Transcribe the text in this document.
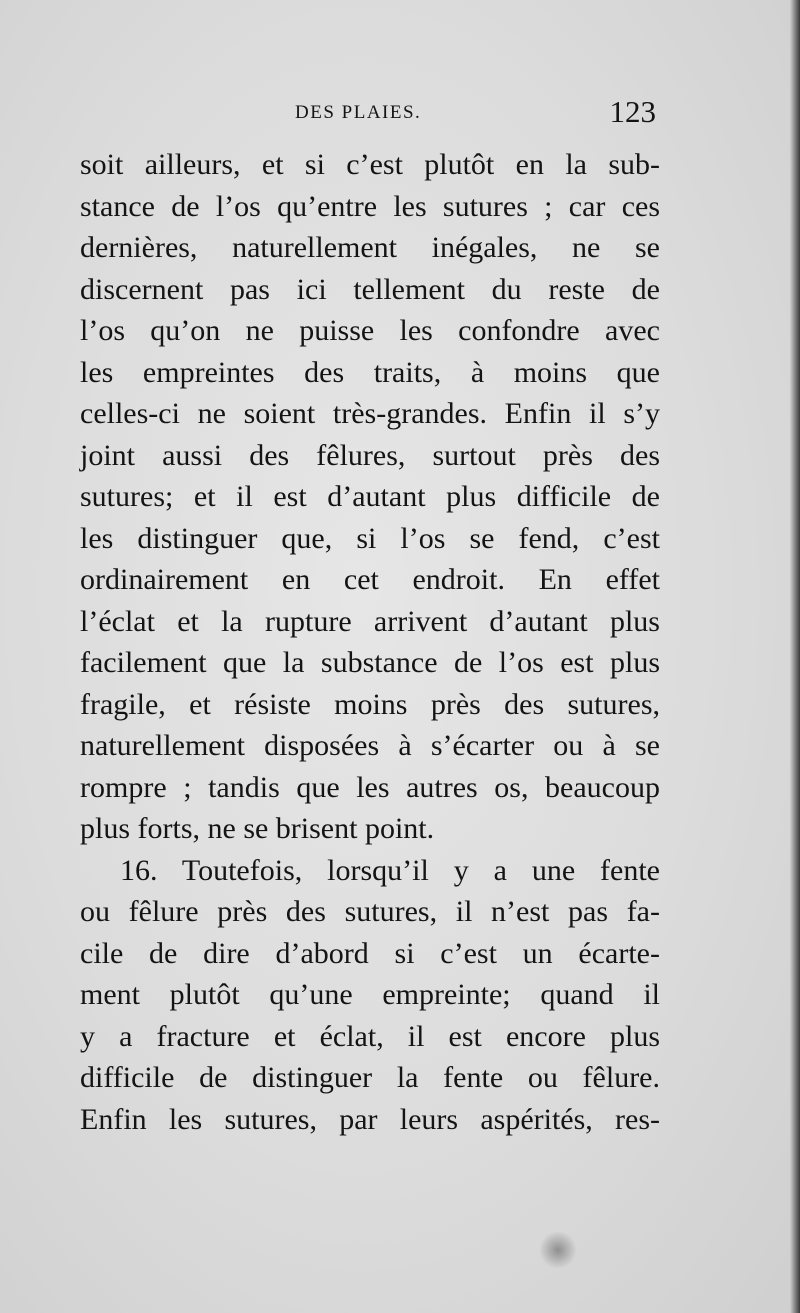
DES PLAIES.	123
soit ailleurs, et si c’est plutôt en la sub-
stance de l’os qu’entre les sutures ; car ces
dernières, naturellement inégales, ne se
discernent pas ici tellement du reste de
l’os qu’on ne puisse les confondre avec
les empreintes des traits, à moins que
celles-ci ne soient très-grandes. Enfin il s’y
joint aussi des fêlures, surtout près des
sutures; et il est d’autant plus difficile de
les distinguer que, si l’os se fend, c’est
ordinairement en cet endroit. En effet
l’éclat et la rupture arrivent d’autant plus
facilement que la substance de l’os est plus
fragile, et résiste moins près des sutures,
naturellement disposées à s’écarter ou à se
rompre ; tandis que les autres os, beaucoup
plus forts, ne se brisent point.
16. Toutefois, lorsqu’il y a une fente
ou fêlure près des sutures, il n’est pas fa-
cile de dire d’abord si c’est un écarte-
ment plutôt qu’une empreinte; quand il
y a fracture et éclat, il est encore plus
difficile de distinguer la fente ou fêlure.
Enfin les sutures, par leurs aspérités, res-
